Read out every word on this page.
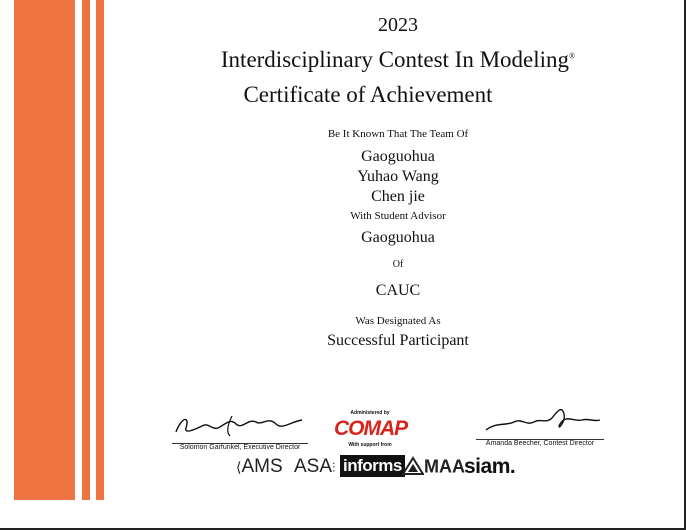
2023
Interdisciplinary Contest In Modeling®
Certificate of Achievement
Be It Known That The Team Of
Gaoguohua
Yuhao Wang
Chen jie
With Student Advisor
Gaoguohua
Of
CAUC
Was Designated As
Successful Participant
Solomon Garfunkel, Executive Director
Administered by
COMAP
With support from	Amanda Beecher, Contest Director
⟨AMS ASA⫶ informs	MAA siam.
